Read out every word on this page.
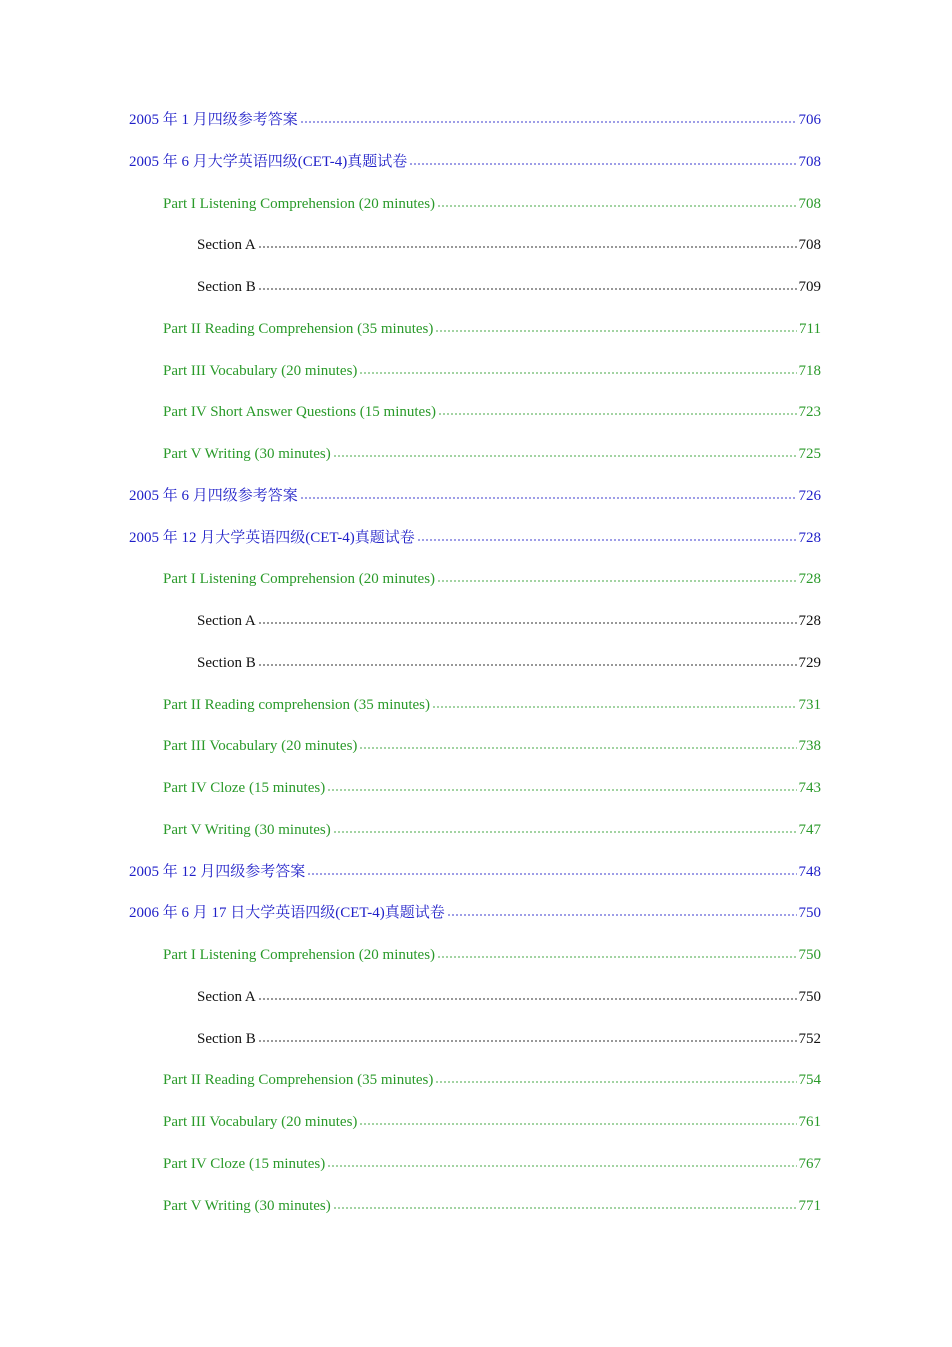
2005 年 1 月四级参考答案	706
2005 年 6 月大学英语四级(CET-4)真题试卷	708
Part I Listening Comprehension (20 minutes)	708
Section A	708
Section B	709
Part II Reading Comprehension (35 minutes)	711
Part III Vocabulary (20 minutes)	718
Part IV Short Answer Questions (15 minutes)	723
Part V Writing (30 minutes)	725
2005 年 6 月四级参考答案	726
2005 年 12 月大学英语四级(CET-4)真题试卷	728
Part I Listening Comprehension (20 minutes)	728
Section A	728
Section B	729
Part II Reading comprehension (35 minutes)	731
Part III Vocabulary (20 minutes)	738
Part IV Cloze (15 minutes)	743
Part V Writing (30 minutes)	747
2005 年 12 月四级参考答案	748
2006 年 6 月 17 日大学英语四级(CET-4)真题试卷	750
Part I Listening Comprehension (20 minutes)	750
Section A	750
Section B	752
Part II Reading Comprehension (35 minutes)	754
Part III Vocabulary (20 minutes)	761
Part IV Cloze (15 minutes)	767
Part V Writing (30 minutes)	771
